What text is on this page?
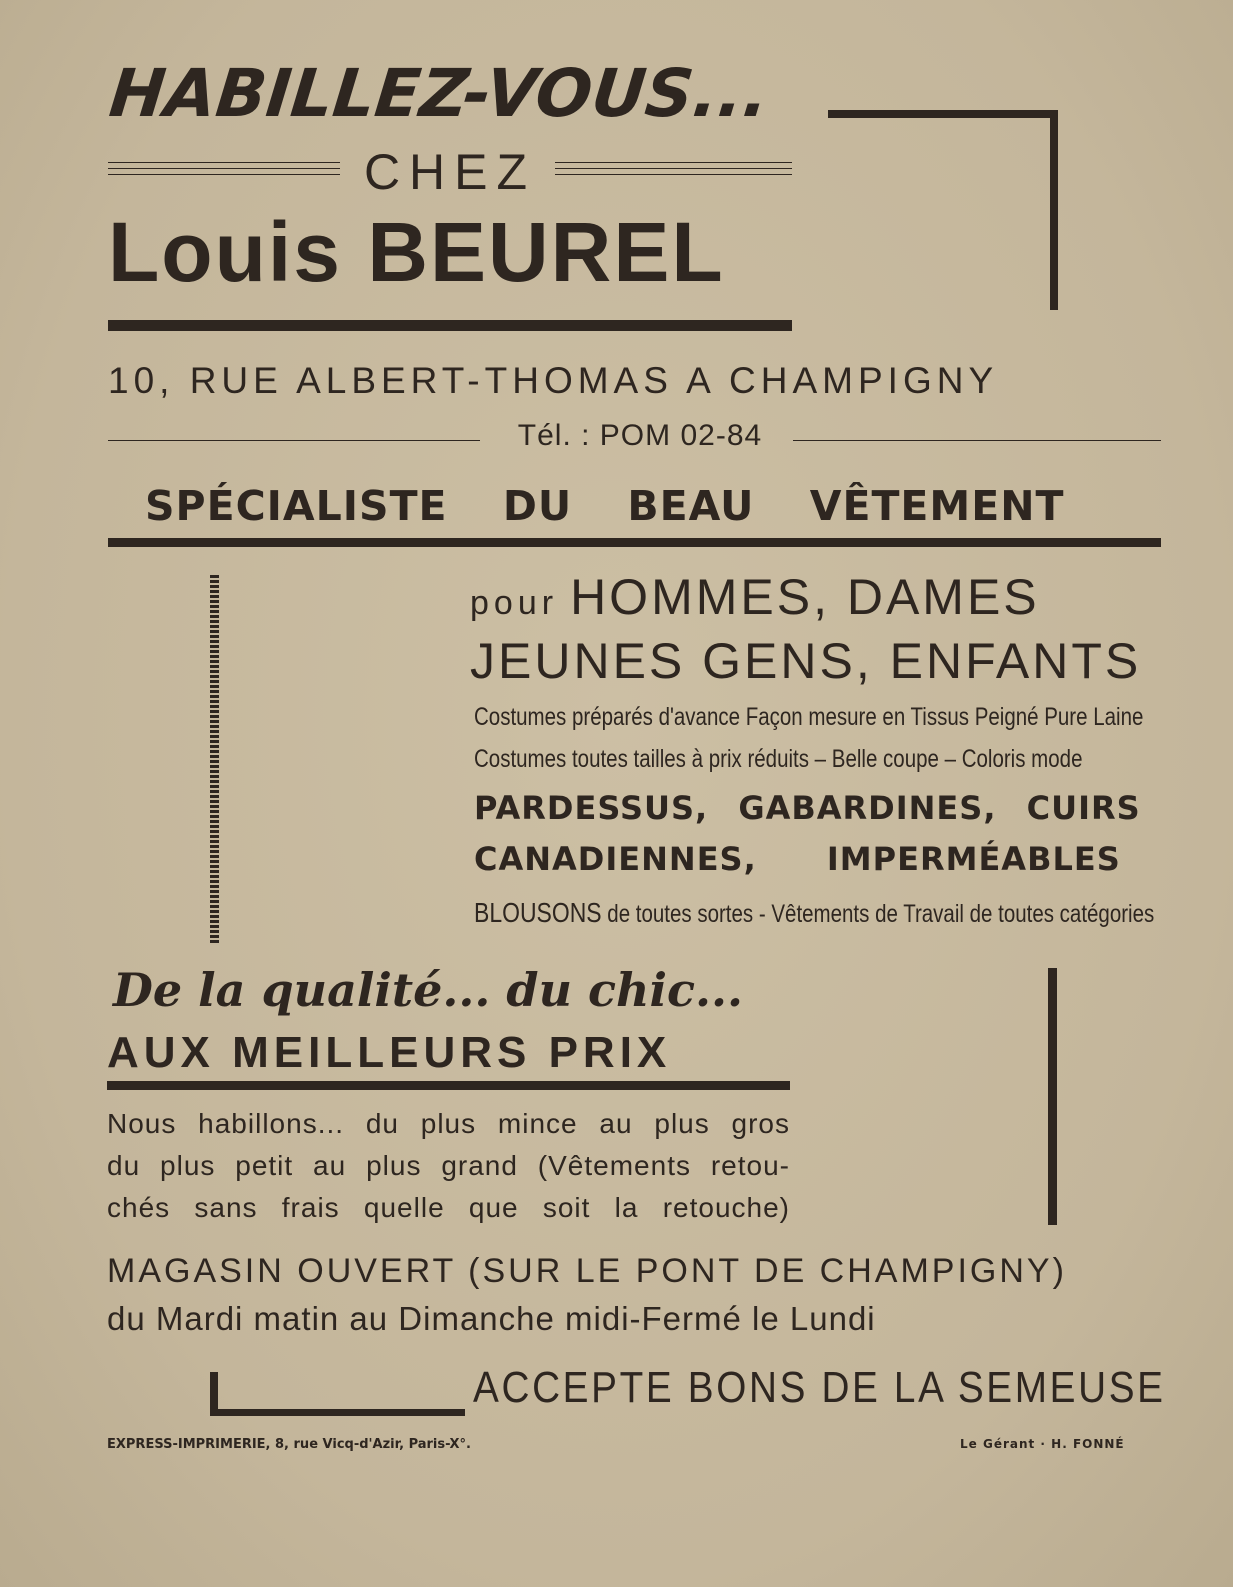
HABILLEZ-VOUS...
CHEZ
Louis BEUREL
10, RUE ALBERT-THOMAS A CHAMPIGNY
Tél. : POM 02-84
SPÉCIALISTE DU BEAU VÊTEMENT
pour HOMMES, DAMES
JEUNES GENS, ENFANTS
Costumes préparés d'avance Façon mesure en Tissus Peigné Pure Laine
Costumes toutes tailles à prix réduits – Belle coupe – Coloris mode
PARDESSUS, GABARDINES, CUIRS
CANADIENNES, IMPERMÉABLES
BLOUSONS de toutes sortes - Vêtements de Travail de toutes catégories
De la qualité... du chic...
AUX MEILLEURS PRIX
Nous habillons... du plus mince au plus gros
du plus petit au plus grand (Vêtements retou-
chés sans frais quelle que soit la retouche)
MAGASIN OUVERT (SUR LE PONT DE CHAMPIGNY)
du Mardi matin au Dimanche midi-Fermé le Lundi
ACCEPTE BONS DE LA SEMEUSE
EXPRESS-IMPRIMERIE, 8, rue Vicq-d'Azir, Paris-X°.	Le Gérant · H. FONNÉ
